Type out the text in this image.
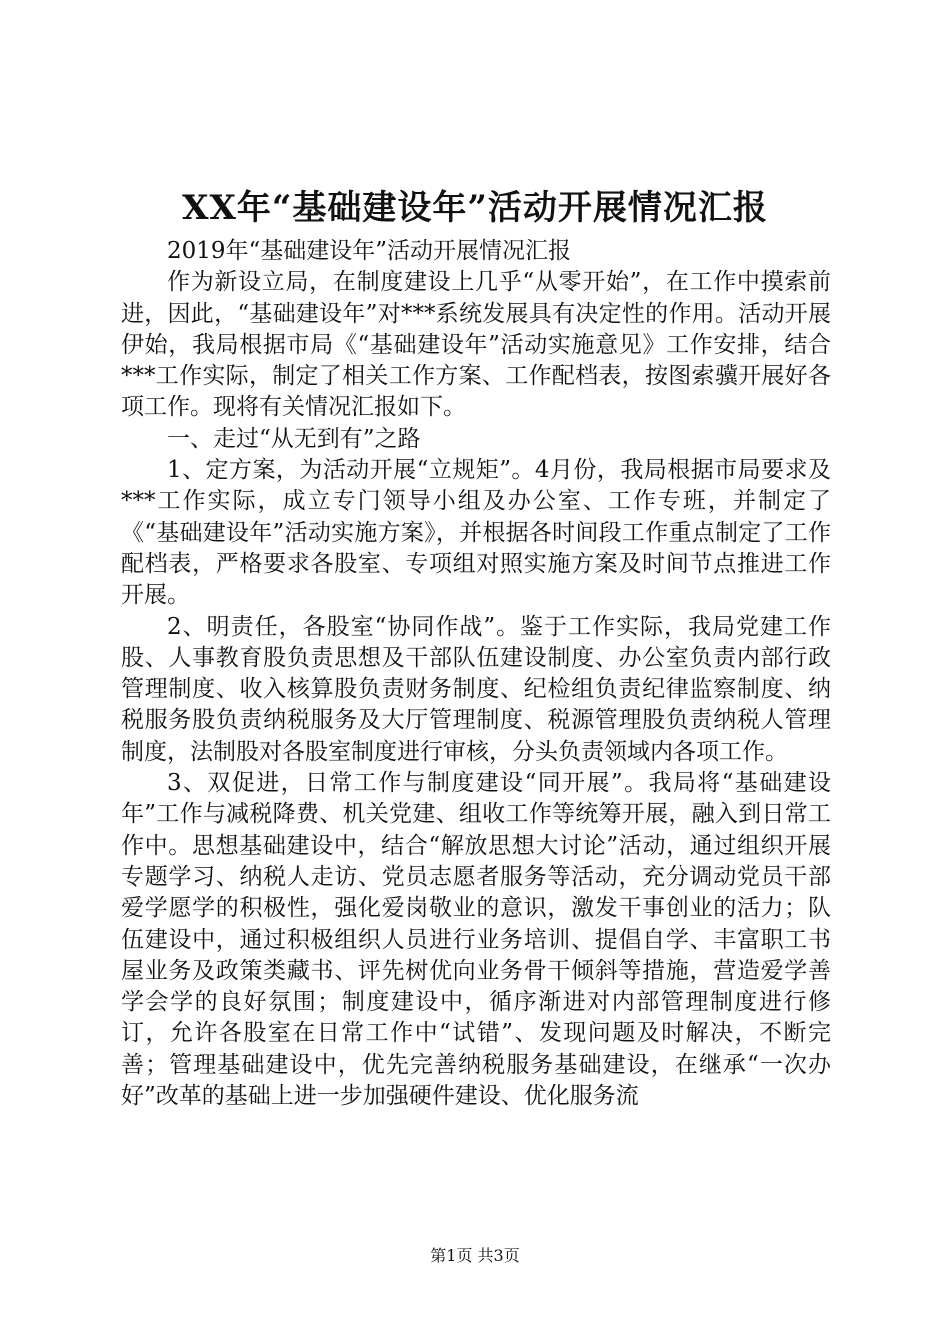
XX年“基础建设年”活动开展情况汇报

2019年“基础建设年”活动开展情况汇报

作为新设立局，在制度建设上几乎“从零开始”，在工作中摸索前进，因此，“基础建设年”对***系统发展具有决定性的作用。活动开展伊始，我局根据市局《“基础建设年”活动实施意见》工作安排，结合***工作实际，制定了相关工作方案、工作配档表，按图索骥开展好各项工作。现将有关情况汇报如下。

一、走过“从无到有”之路

1、定方案，为活动开展“立规矩”。4月份，我局根据市局要求及***工作实际，成立专门领导小组及办公室、工作专班，并制定了《“基础建设年”活动实施方案》，并根据各时间段工作重点制定了工作配档表，严格要求各股室、专项组对照实施方案及时间节点推进工作开展。

2、明责任，各股室“协同作战”。鉴于工作实际，我局党建工作股、人事教育股负责思想及干部队伍建设制度、办公室负责内部行政管理制度、收入核算股负责财务制度、纪检组负责纪律监察制度、纳税服务股负责纳税服务及大厅管理制度、税源管理股负责纳税人管理制度，法制股对各股室制度进行审核，分头负责领域内各项工作。

3、双促进，日常工作与制度建设“同开展”。我局将“基础建设年”工作与减税降费、机关党建、组收工作等统筹开展，融入到日常工作中。思想基础建设中，结合“解放思想大讨论”活动，通过组织开展专题学习、纳税人走访、党员志愿者服务等活动，充分调动党员干部爱学愿学的积极性，强化爱岗敬业的意识，激发干事创业的活力；队伍建设中，通过积极组织人员进行业务培训、提倡自学、丰富职工书屋业务及政策类藏书、评先树优向业务骨干倾斜等措施，营造爱学善学会学的良好氛围；制度建设中，循序渐进对内部管理制度进行修订，允许各股室在日常工作中“试错”、发现问题及时解决，不断完善；管理基础建设中，优先完善纳税服务基础建设，在继承“一次办好”改革的基础上进一步加强硬件建设、优化服务流

第1页 共3页
